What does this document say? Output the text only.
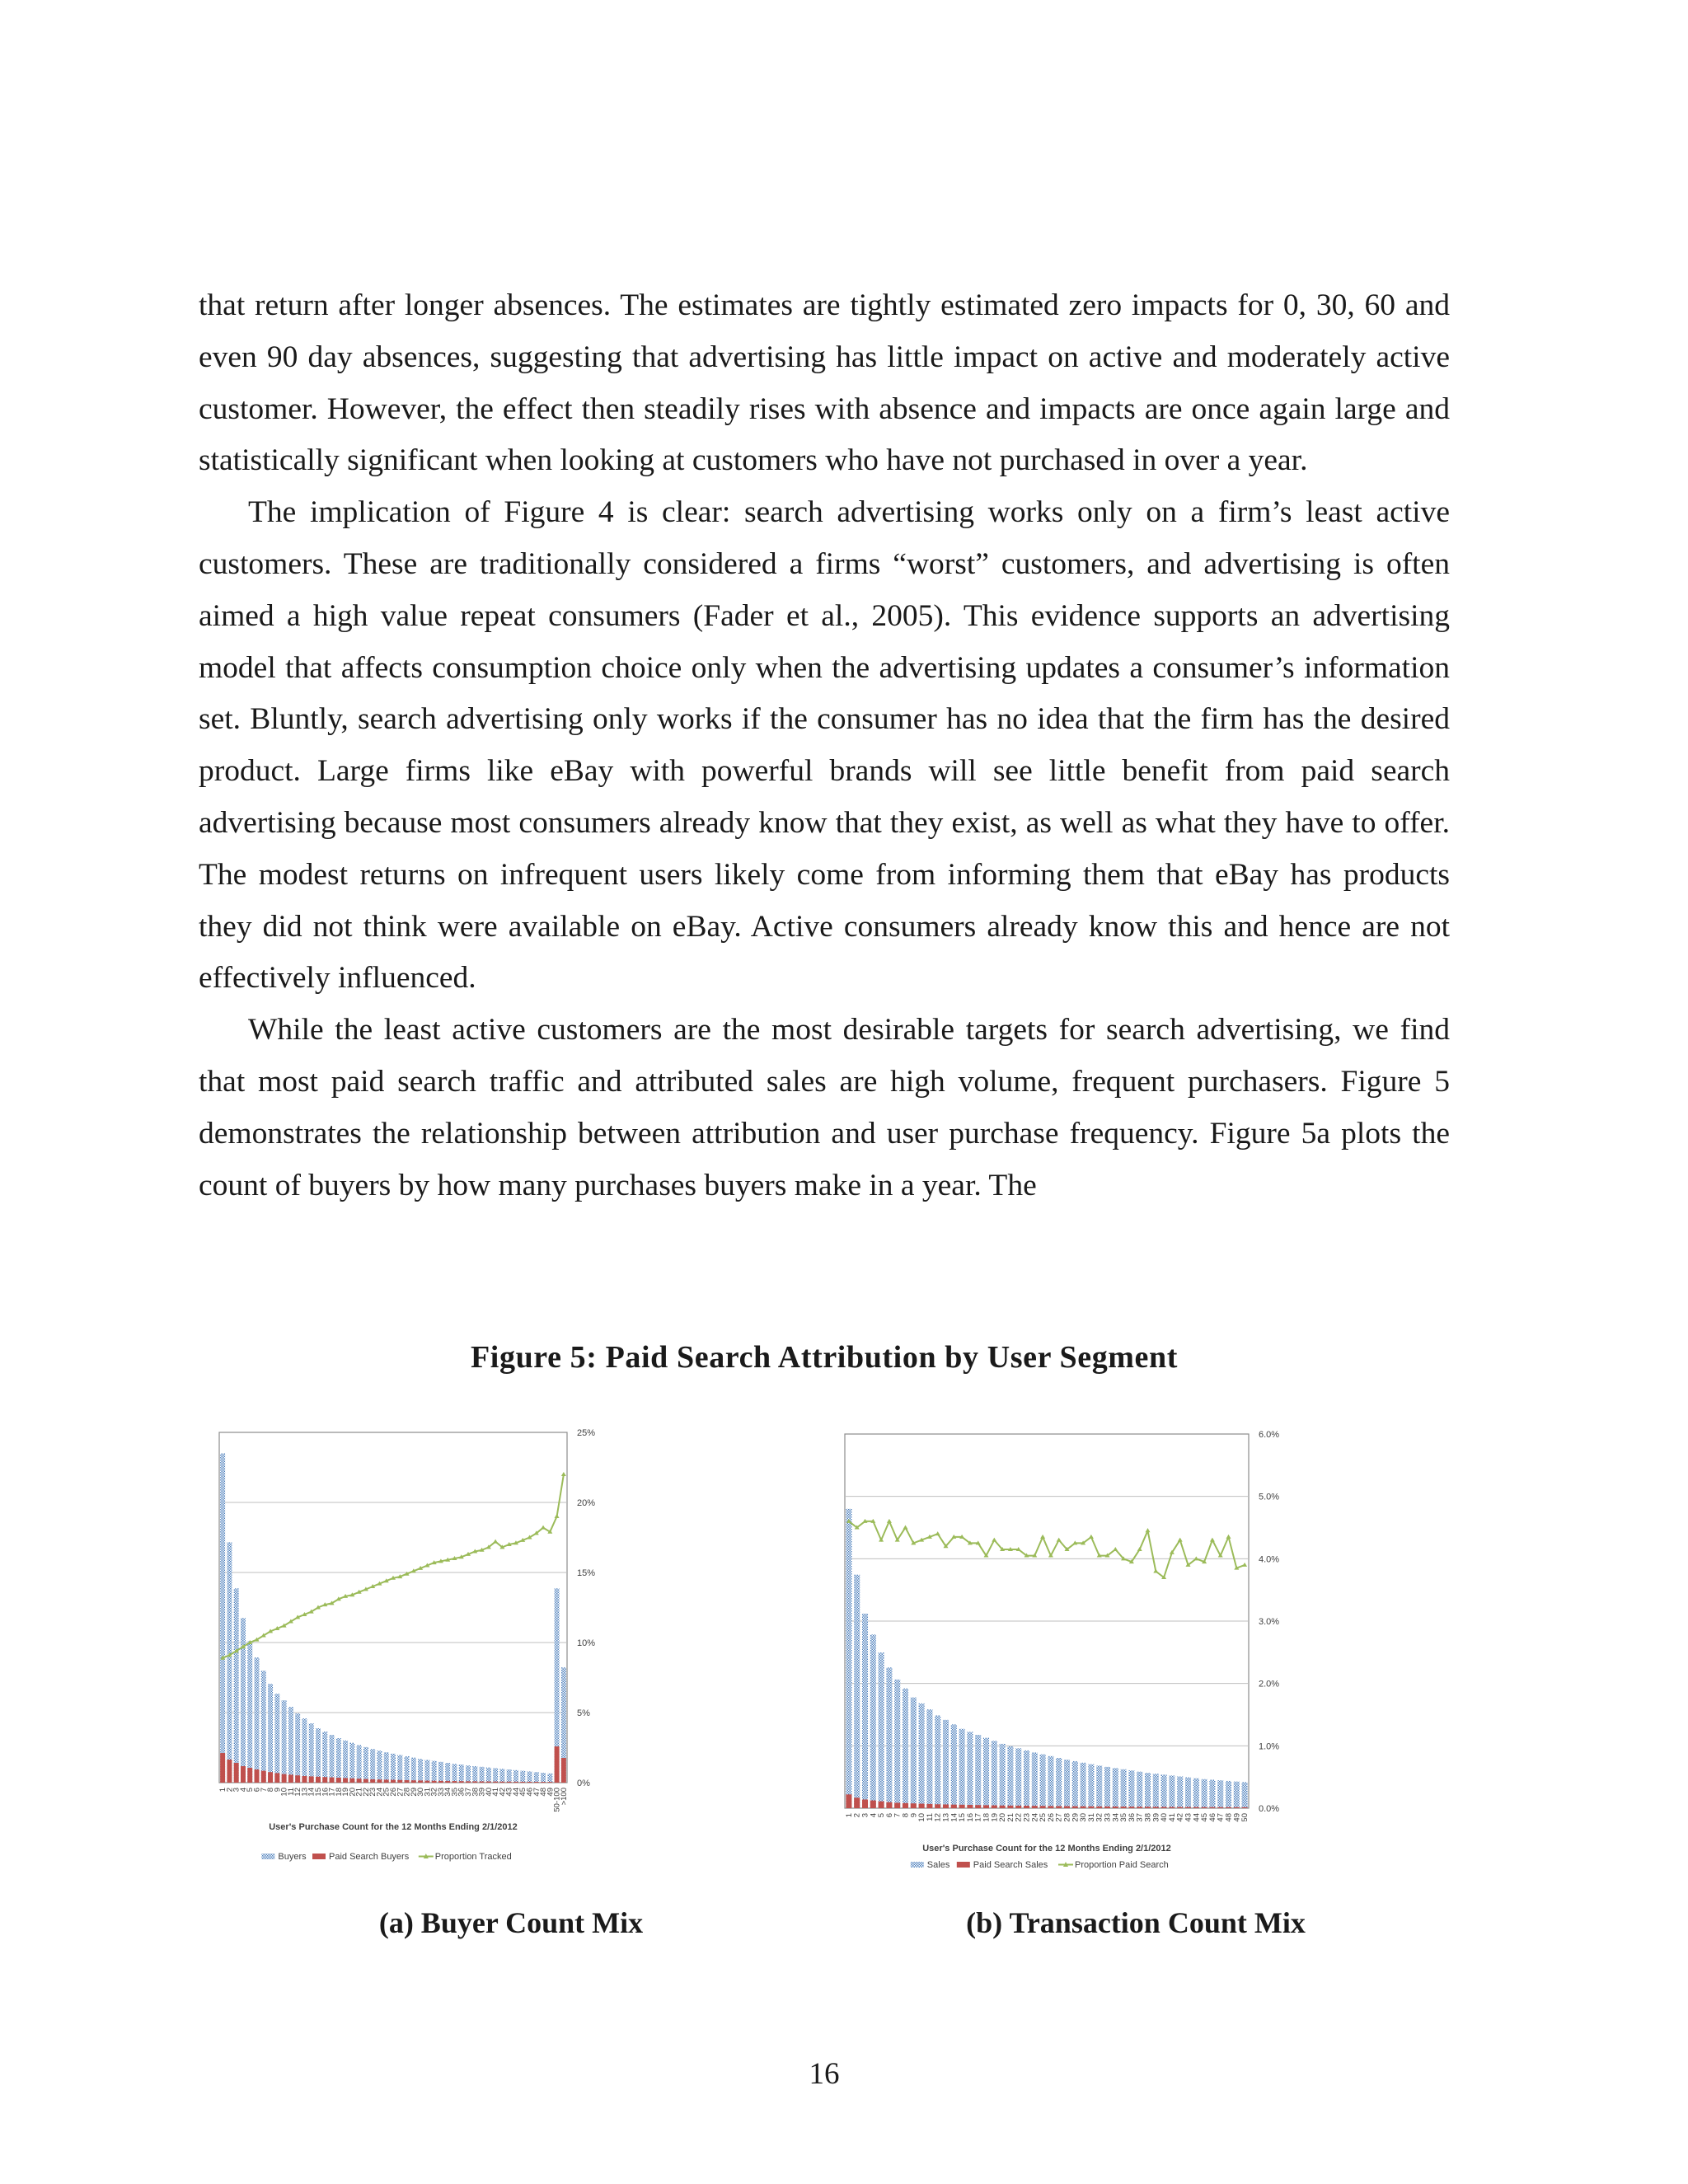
that return after longer absences. The estimates are tightly estimated zero impacts for 0, 30, 60 and even 90 day absences, suggesting that advertising has little impact on active and moderately active customer. However, the effect then steadily rises with absence and impacts are once again large and statistically significant when looking at customers who have not purchased in over a year.

The implication of Figure 4 is clear: search advertising works only on a firm’s least active customers. These are traditionally considered a firms “worst” customers, and advertising is often aimed a high value repeat consumers (Fader et al., 2005). This evidence supports an advertising model that affects consumption choice only when the advertising updates a consumer’s information set. Bluntly, search advertising only works if the consumer has no idea that the firm has the desired product. Large firms like eBay with powerful brands will see little benefit from paid search advertising because most consumers already know that they exist, as well as what they have to offer. The modest returns on infrequent users likely come from informing them that eBay has products they did not think were available on eBay. Active consumers already know this and hence are not effectively influenced.

While the least active customers are the most desirable targets for search advertising, we find that most paid search traffic and attributed sales are high volume, frequent purchasers. Figure 5 demonstrates the relationship between attribution and user purchase frequency. Figure 5a plots the count of buyers by how many purchases buyers make in a year. The

Figure 5: Paid Search Attribution by User Segment
0%
5%
10%
15%
20%
25%
1
2
3
4
5
6
7
8
9
10
11
12
13
14
15
16
17
18
19
20
21
22
23
24
25
26
27
28
29
30
31
32
33
34
35
36
37
38
39
40
41
42
43
44
45
46
47
48
49
50-100
>100
User's Purchase Count for the 12 Months Ending 2/1/2012
Buyers Paid Search Buyers	Proportion Tracked
0.0%
1.0%
2.0%
3.0%
4.0%
5.0%
6.0%
1
2
3
4
5
6
7
8
9
10
11
12
13
14
15
16
17
18
19
20
21
22
23
24
25
26
27
28
29
30
31
32
33
34
35
36
37
38
39
40
41
42
43
44
45
46
47
48
49
50
User's Purchase Count for the 12 Months Ending 2/1/2012
Sales	Paid Search Sales	Proportion Paid Search
(a) Buyer Count Mix	(b) Transaction Count Mix
16
